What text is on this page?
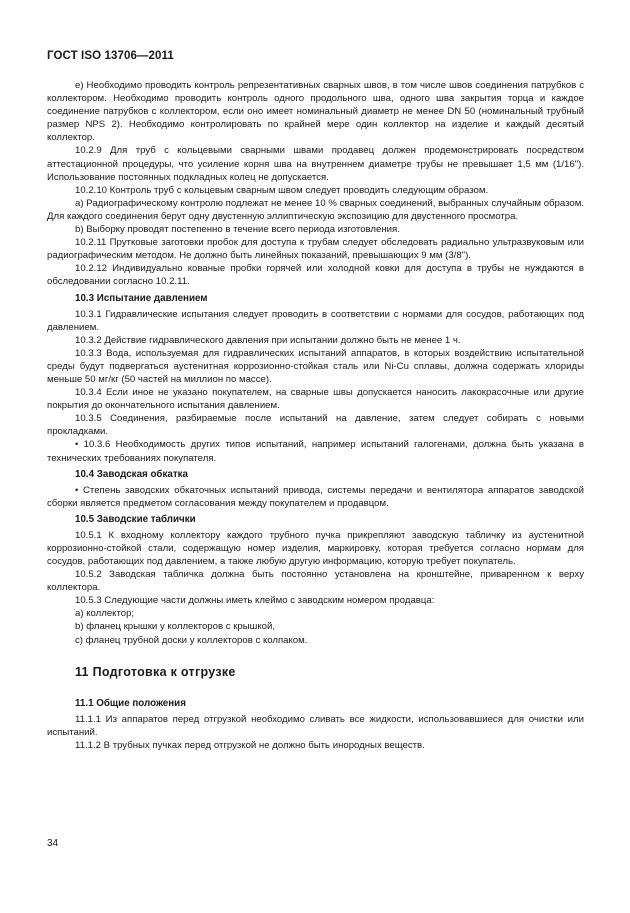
ГОСТ ISO 13706—2011

е) Необходимо проводить контроль репрезентативных сварных швов, в том числе швов соединения патрубков с коллектором. Необходимо проводить контроль одного продольного шва, одного шва закрытия торца и каждое соединение патрубков с коллектором, если оно имеет номинальный диаметр не менее DN 50 (номинальный трубный размер NPS 2). Необходимо контролировать по крайней мере один коллектор на изделие и каждый десятый коллектор.

10.2.9 Для труб с кольцевыми сварными швами продавец должен продемонстрировать посредством аттестационной процедуры, что усиление корня шва на внутреннем диаметре трубы не превышает 1,5 мм (1/16"). Использование постоянных подкладных колец не допускается.

10.2.10 Контроль труб с кольцевым сварным швом следует проводить следующим образом.

а) Радиографическому контролю подлежат не менее 10 % сварных соединений, выбранных случайным образом. Для каждого соединения берут одну двустенную эллиптическую экспозицию для двустенного просмотра.

b) Выборку проводят постепенно в течение всего периода изготовления.

10.2.11 Прутковые заготовки пробок для доступа к трубам следует обследовать радиально ультразвуковым или радиографическим методом. Не должно быть линейных показаний, превышающих 9 мм (3/8").

10.2.12 Индивидуально кованые пробки горячей или холодной ковки для доступа в трубы не нуждаются в обследовании согласно 10.2.11.

10.3 Испытание давлением

10.3.1 Гидравлические испытания следует проводить в соответствии с нормами для сосудов, работающих под давлением.

10.3.2 Действие гидравлического давления при испытании должно быть не менее 1 ч.

10.3.3 Вода, используемая для гидравлических испытаний аппаратов, в которых воздействию испытательной среды будут подвергаться аустенитная коррозионно-стойкая сталь или Ni-Cu сплавы, должна содержать хлориды меньше 50 мг/кг (50 частей на миллион по массе).

10.3.4 Если иное не указано покупателем, на сварные швы допускается наносить лакокрасочные или другие покрытия до окончательного испытания давлением.

10.3.5 Соединения, разбираемые после испытаний на давление, затем следует собирать с новыми прокладками.

• 10.3.6 Необходимость других типов испытаний, например испытаний галогенами, должна быть указана в технических требованиях покупателя.

10.4 Заводская обкатка

• Степень заводских обкаточных испытаний привода, системы передачи и вентилятора аппаратов заводской сборки является предметом согласования между покупателем и продавцом.

10.5 Заводские таблички

10.5.1 К входному коллектору каждого трубного пучка прикрепляют заводскую табличку из аустенитной коррозионно-стойкой стали, содержащую номер изделия, маркировку, которая требуется согласно нормам для сосудов, работающих под давлением, а также любую другую информацию, которую требует покупатель.

10.5.2 Заводская табличка должна быть постоянно установлена на кронштейне, приваренном к верху коллектора.

10.5.3 Следующие части должны иметь клеймо с заводским номером продавца:

а) коллектор;

b) фланец крышки у коллекторов с крышкой,

с) фланец трубной доски у коллекторов с колпаком.

11 Подготовка к отгрузке
11.1 Общие положения

11.1.1 Из аппаратов перед отгрузкой необходимо сливать все жидкости, использовавшиеся для очистки или испытаний.

11.1.2 В трубных пучках перед отгрузкой не должно быть инородных веществ.

34
